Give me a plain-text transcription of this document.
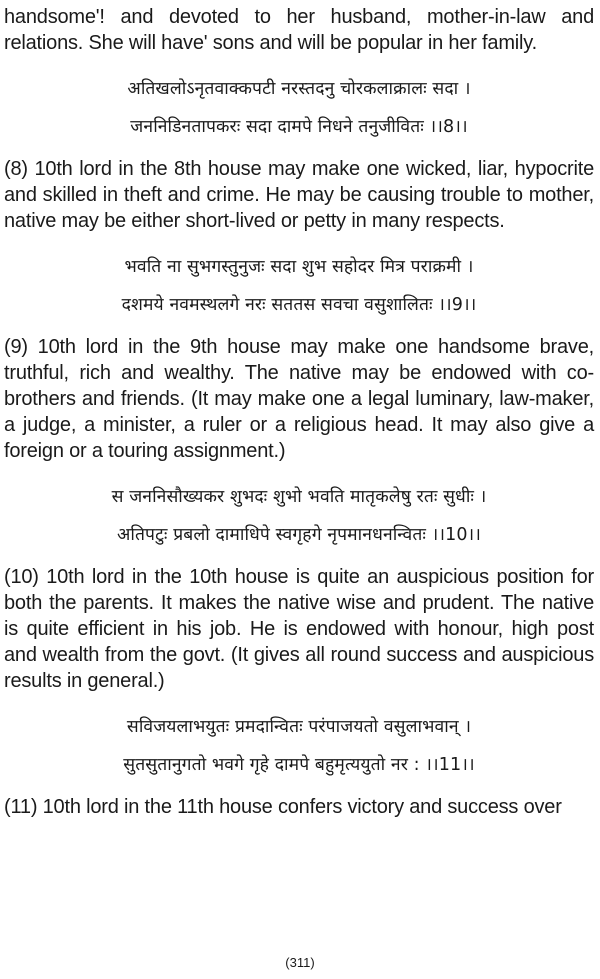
handsome'! and devoted to her husband, mother-in-law and relations. She will have' sons and will be popular in her family.

अतिखलोऽनृतवाक्कपटी नरस्तदनु चोरकलाक्रालः सदा ।
जननिडिनतापकरः सदा दामपे निधने तनुजीवितः ।।8।।

(8) 10th lord in the 8th house may make one wicked, liar, hypocrite and skilled in theft and crime. He may be causing trouble to mother, native may be either short-lived or petty in many respects.

भवति ना सुभगस्तुनुजः सदा शुभ सहोदर मित्र पराक्रमी ।
दशमये नवमस्थलगे नरः सततस सवचा वसुशालितः ।।9।।

(9) 10th lord in the 9th house may make one handsome brave, truthful, rich and wealthy. The native may be endowed with co-brothers and friends. (It may make one a legal luminary, law-maker, a judge, a minister, a ruler or a religious head. It may also give a foreign or a touring assignment.)

स जननिसौख्यकर शुभदः शुभो भवति मातृकलेषु रतः सुधीः ।
अतिपटुः प्रबलो दामाधिपे स्वगृहगे नृपमानधनन्वितः ।।10।।

(10) 10th lord in the 10th house is quite an auspicious position for both the parents. It makes the native wise and prudent. The native is quite efficient in his job. He is endowed with honour, high post and wealth from the govt. (It gives all round success and auspicious results in general.)

सविजयलाभयुतः प्रमदान्वितः परंपाजयतो वसुलाभवान् ।
सुतसुतानुगतो भवगे गृहे दामपे बहुमृत्ययुतो नर : ।।11।।

(11) 10th lord in the 11th house confers victory and success over

(311)
